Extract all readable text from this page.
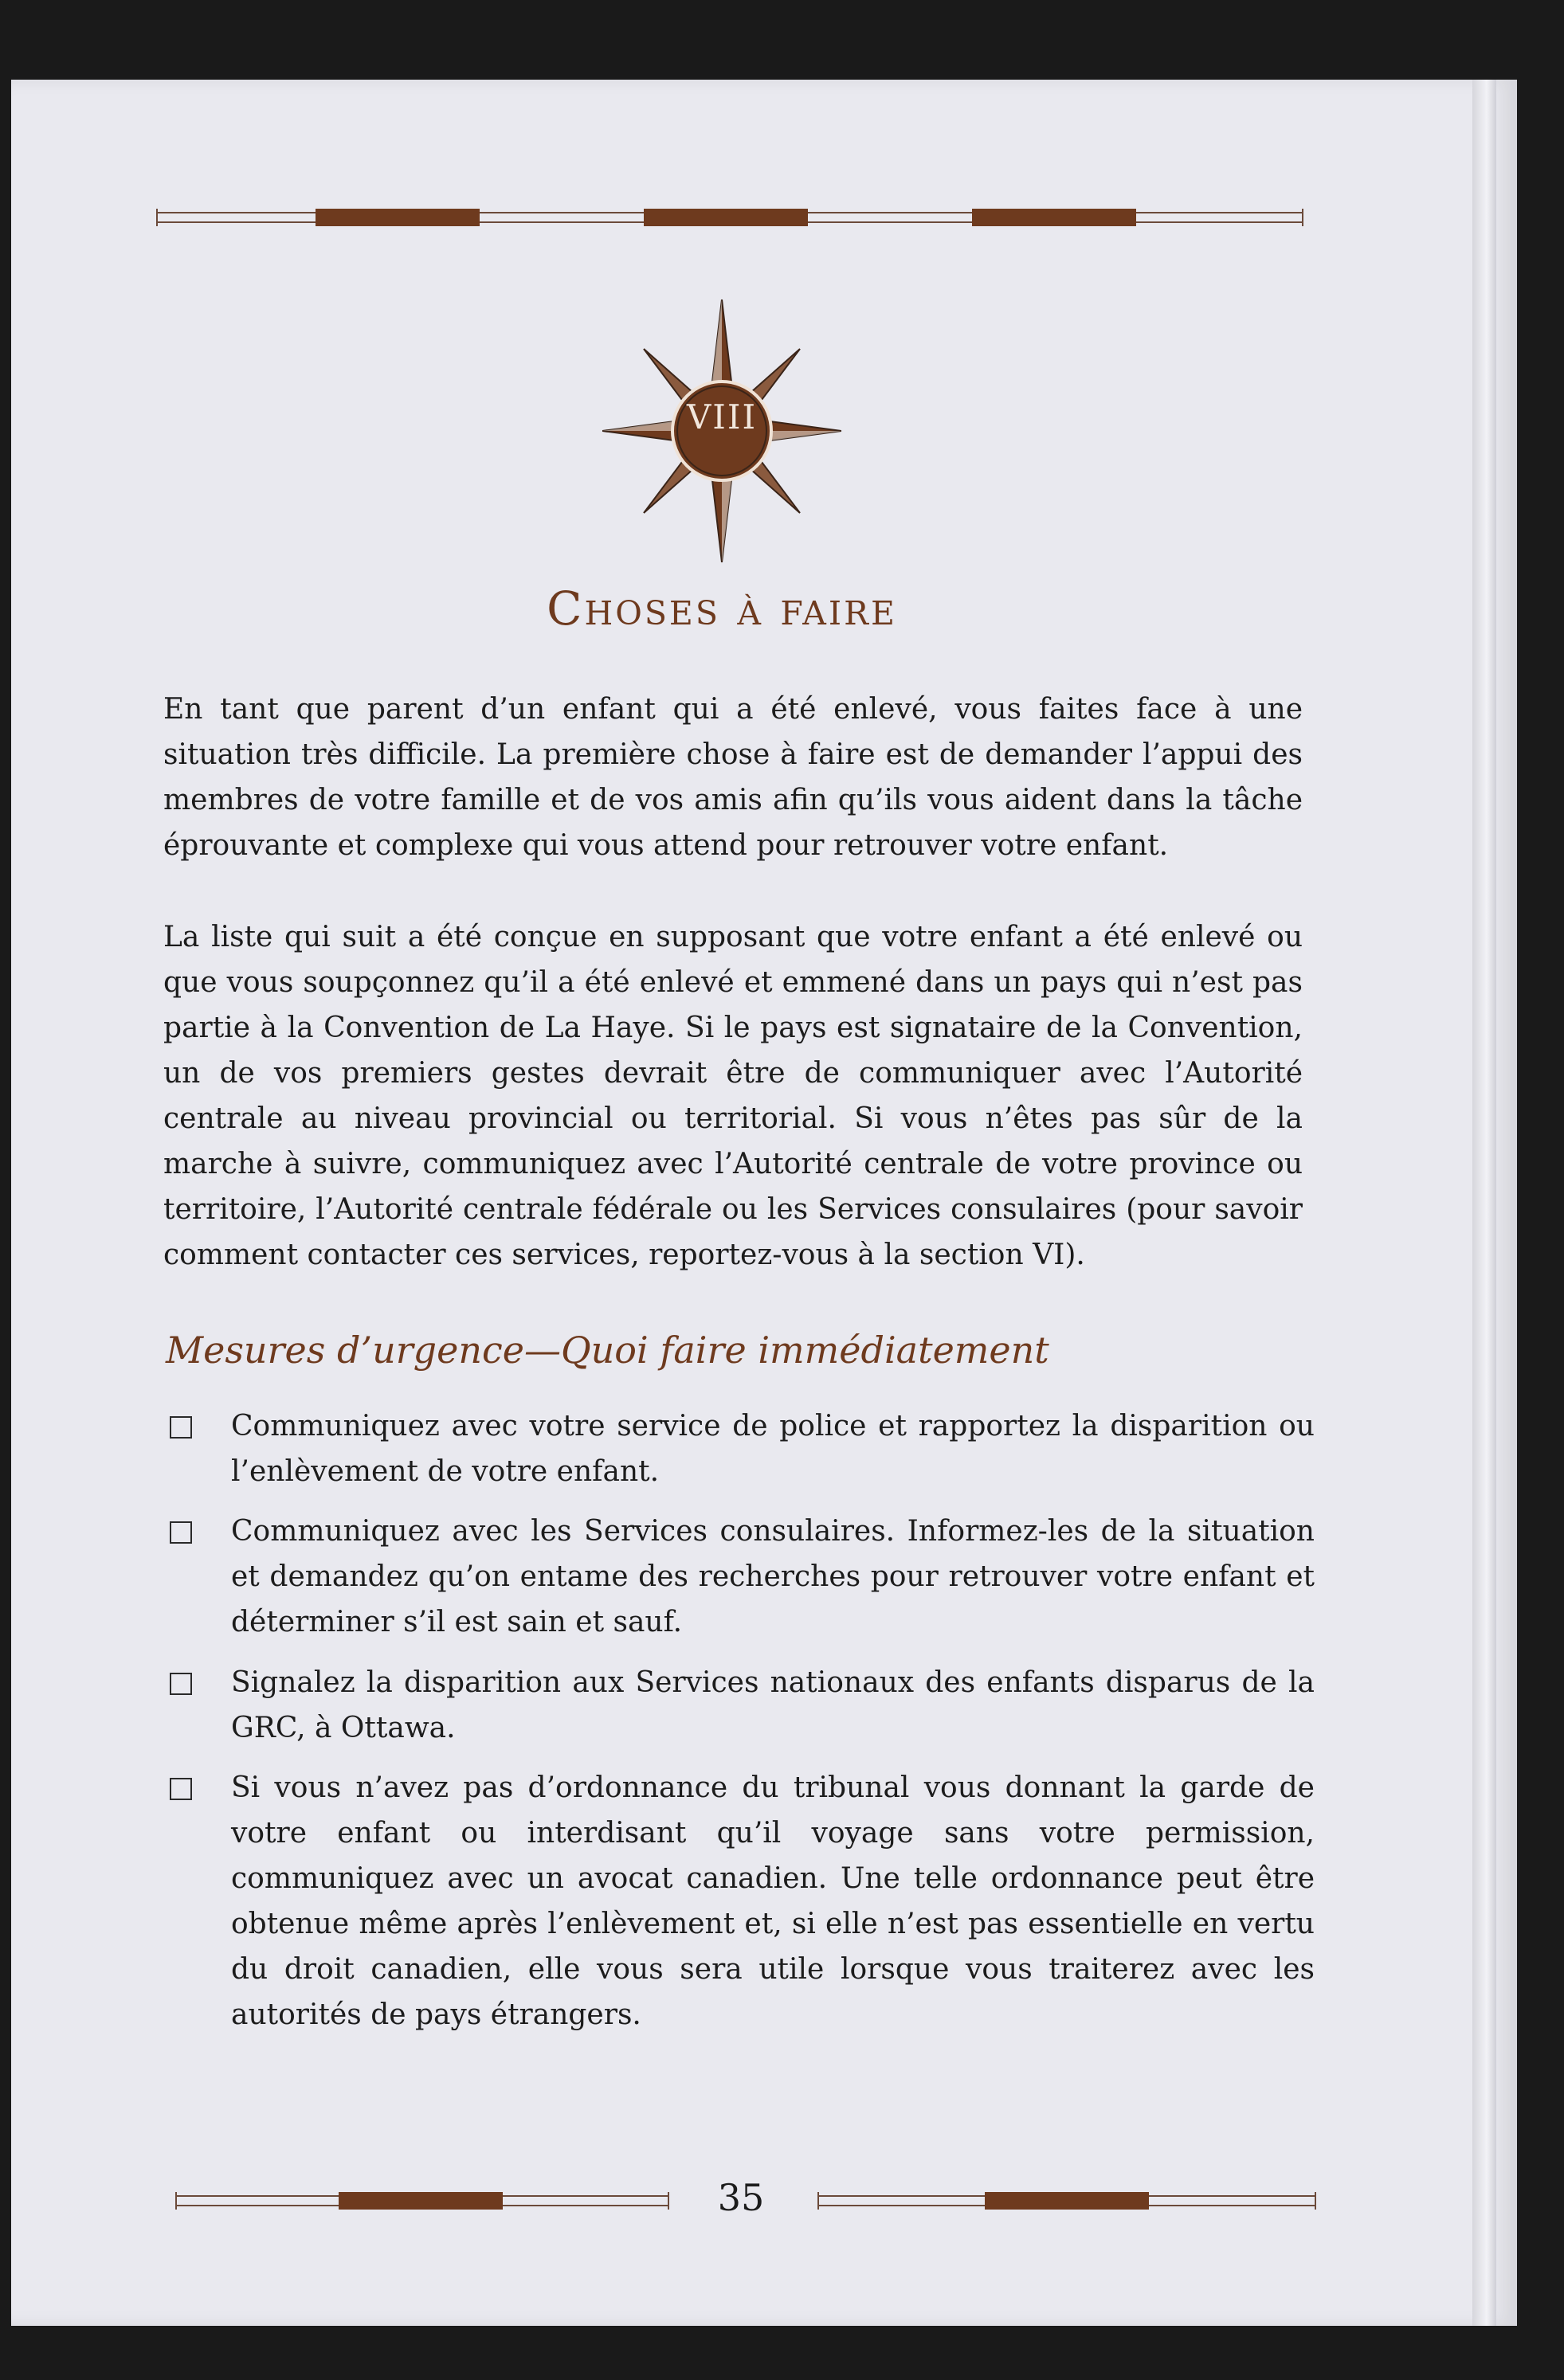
VIII
Choses à faire

En tant que parent d’un enfant qui a été enlevé, vous faites face à une situation très difficile. La première chose à faire est de demander l’appui des membres de votre famille et de vos amis afin qu’ils vous aident dans la tâche éprouvante et complexe qui vous attend pour retrouver votre enfant.

La liste qui suit a été conçue en supposant que votre enfant a été enlevé ou que vous soupçonnez qu’il a été enlevé et emmené dans un pays qui n’est pas partie à la Convention de La Haye. Si le pays est signataire de la Convention, un de vos premiers gestes devrait être de communiquer avec l’Autorité centrale au niveau provincial ou territorial. Si vous n’êtes pas sûr de la marche à suivre, communiquez avec l’Autorité centrale de votre province ou territoire, l’Autorité centrale fédérale ou les Services consulaires (pour savoir comment contacter ces services, reportez-vous à la section VI).

Mesures d’urgence—Quoi faire immédiatement

Communiquez avec votre service de police et rapportez la disparition ou l’enlèvement de votre enfant.

Communiquez avec les Services consulaires. Informez-les de la situation et demandez qu’on entame des recherches pour retrouver votre enfant et déterminer s’il est sain et sauf.

Signalez la disparition aux Services nationaux des enfants disparus de la GRC, à Ottawa.

Si vous n’avez pas d’ordonnance du tribunal vous donnant la garde de votre enfant ou interdisant qu’il voyage sans votre permission, communiquez avec un avocat canadien. Une telle ordonnance peut être obtenue même après l’enlèvement et, si elle n’est pas essentielle en vertu du droit canadien, elle vous sera utile lorsque vous traiterez avec les autorités de pays étrangers.

35
